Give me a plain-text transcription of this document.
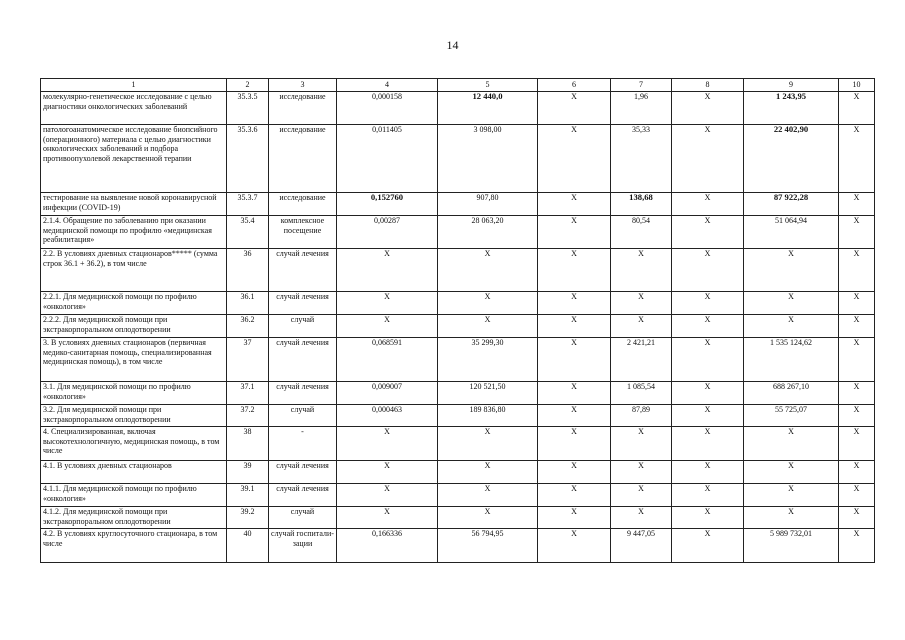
14
1	2	3	4	5	6	7	8	9	10
молекулярно-генетическое исследование с целью диагностики онкологических заболеваний	35.3.5	исследование	0,000158	12 440,0	X	1,96	X	1 243,95	X
патологоанатомическое исследование биопсийного (операционного) материала с целью диагностики онкологических заболеваний и подбора противоопухолевой лекарственной терапии	35.3.6	исследование	0,011405	3 098,00	X	35,33	X	22 402,90	X
тестирование на выявление новой коронавирусной инфекции (COVID-19)	35.3.7	исследование	0,152760	907,80	X	138,68	X	87 922,28	X
2.1.4. Обращение по заболеванию при оказании медицинской помощи по профилю «медицинская реабилитация»	35.4	комплексное посещение	0,00287	28 063,20	X	80,54	X	51 064,94	X
2.2. В условиях дневных стационаров***** (сумма строк 36.1 + 36.2), в том числе	36	случай лечения	X	X	X	X	X	X	X
2.2.1. Для медицинской помощи по профилю «онкология»	36.1	случай лечения	X	X	X	X	X	X	X
2.2.2. Для медицинской помощи при экстракорпоральном оплодотворении	36.2	случай	X	X	X	X	X	X	X
3. В условиях дневных стационаров (первичная медико-санитарная помощь, специализированная медицинская помощь), в том числе	37	случай лечения	0,068591	35 299,30	X	2 421,21	X	1 535 124,62	X
3.1. Для медицинской помощи по профилю «онкология»	37.1	случай лечения	0,009007	120 521,50	X	1 085,54	X	688 267,10	X
3.2. Для медицинской помощи при экстракорпоральном оплодотворении	37.2	случай	0,000463	189 836,80	X	87,89	X	55 725,07	X
4. Специализированная, включая высокотехнологичную, медицинская помощь, в том числе	38	-	X	X	X	X	X	X	X
4.1. В условиях дневных стационаров	39	случай лечения	X	X	X	X	X	X	X
4.1.1. Для медицинской помощи по профилю «онкология»	39.1	случай лечения	X	X	X	X	X	X	X
4.1.2. Для медицинской помощи при экстракорпоральном оплодотворении	39.2	случай	X	X	X	X	X	X	X
4.2. В условиях круглосуточного стационара, в том числе	40	случай госпитали-зации	0,166336	56 794,95	X	9 447,05	X	5 989 732,01	X
